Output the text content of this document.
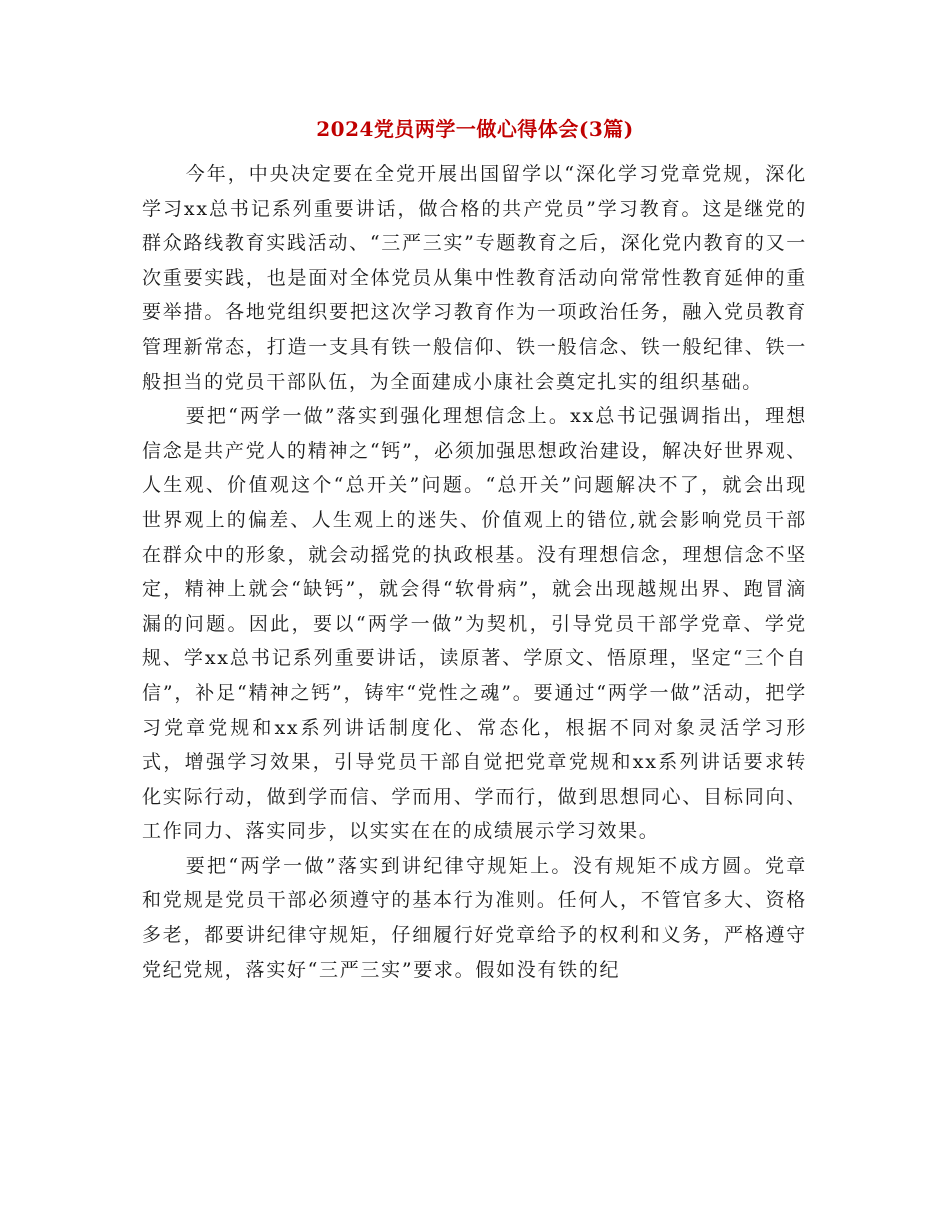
2024党员两学一做心得体会(3篇)

今年，中央决定要在全党开展出国留学以“深化学习党章党规，深化学习xx总书记系列重要讲话，做合格的共产党员”学习教育。这是继党的群众路线教育实践活动、“三严三实”专题教育之后，深化党内教育的又一次重要实践，也是面对全体党员从集中性教育活动向常常性教育延伸的重要举措。各地党组织要把这次学习教育作为一项政治任务，融入党员教育管理新常态，打造一支具有铁一般信仰、铁一般信念、铁一般纪律、铁一般担当的党员干部队伍，为全面建成小康社会奠定扎实的组织基础。

要把“两学一做”落实到强化理想信念上。xx总书记强调指出，理想信念是共产党人的精神之“钙”，必须加强思想政治建设，解决好世界观、人生观、价值观这个“总开关”问题。“总开关”问题解决不了，就会出现世界观上的偏差、人生观上的迷失、价值观上的错位,就会影响党员干部在群众中的形象，就会动摇党的执政根基。没有理想信念，理想信念不坚定，精神上就会“缺钙”，就会得“软骨病”，就会出现越规出界、跑冒滴漏的问题。因此，要以“两学一做”为契机，引导党员干部学党章、学党规、学xx总书记系列重要讲话，读原著、学原文、悟原理，坚定“三个自信”，补足“精神之钙”，铸牢“党性之魂”。要通过“两学一做”活动，把学习党章党规和xx系列讲话制度化、常态化，根据不同对象灵活学习形式，增强学习效果，引导党员干部自觉把党章党规和xx系列讲话要求转化实际行动，做到学而信、学而用、学而行，做到思想同心、目标同向、工作同力、落实同步，以实实在在的成绩展示学习效果。

要把“两学一做”落实到讲纪律守规矩上。没有规矩不成方圆。党章和党规是党员干部必须遵守的基本行为准则。任何人，不管官多大、资格多老，都要讲纪律守规矩，仔细履行好党章给予的权利和义务，严格遵守党纪党规，落实好“三严三实”要求。假如没有铁的纪
